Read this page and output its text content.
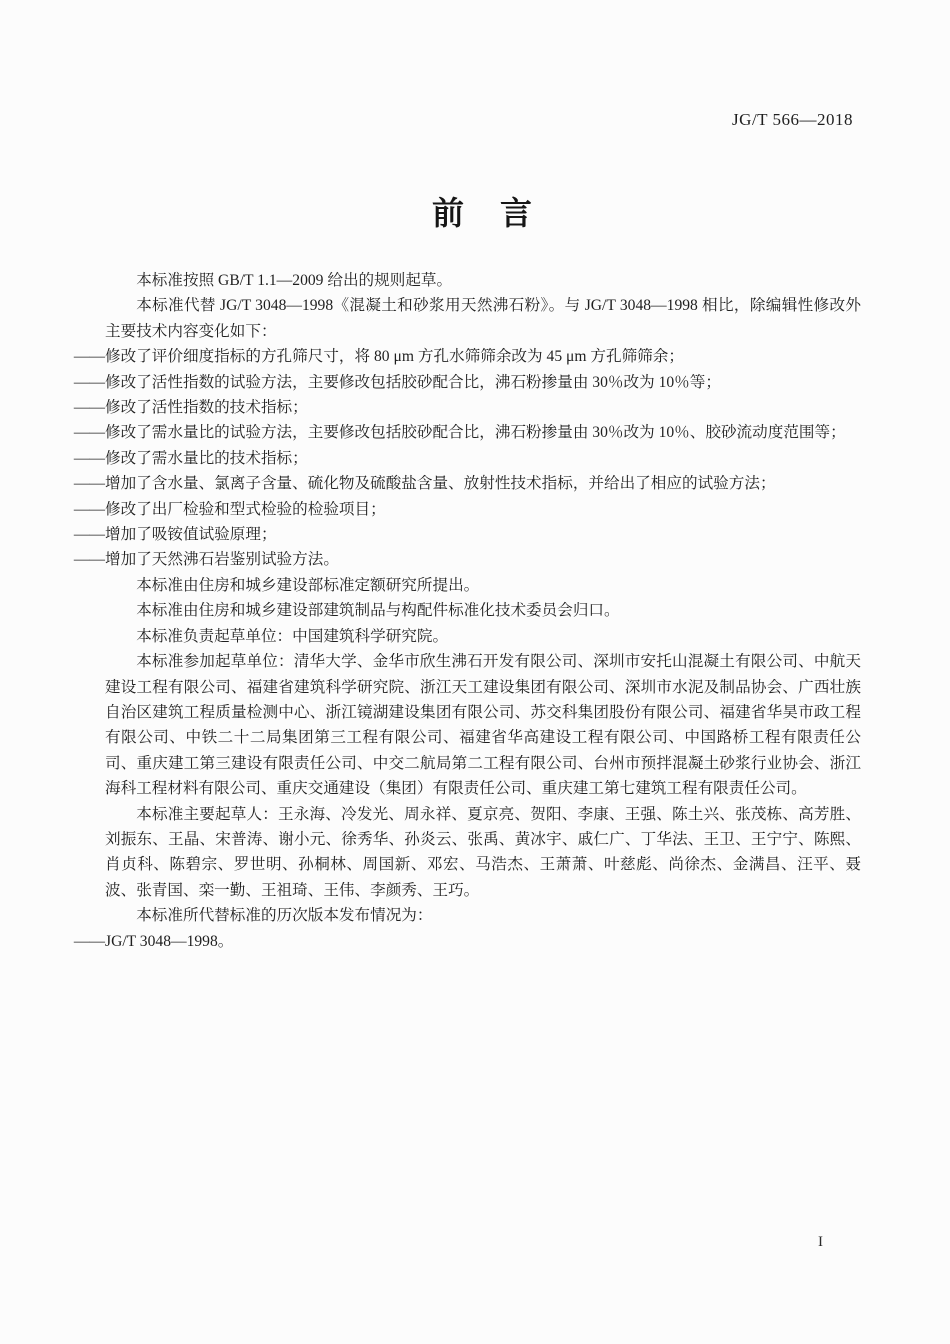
JG/T 566—2018
前　言

本标准按照 GB/T 1.1—2009 给出的规则起草。

本标准代替 JG/T 3048—1998《混凝土和砂浆用天然沸石粉》。与 JG/T 3048—1998 相比，除编辑性修改外主要技术内容变化如下：

——修改了评价细度指标的方孔筛尺寸，将 80 μm 方孔水筛筛余改为 45 μm 方孔筛筛余；

——修改了活性指数的试验方法，主要修改包括胶砂配合比，沸石粉掺量由 30％改为 10％等；

——修改了活性指数的技术指标；

——修改了需水量比的试验方法，主要修改包括胶砂配合比，沸石粉掺量由 30％改为 10％、胶砂流动度范围等；

——修改了需水量比的技术指标；

——增加了含水量、氯离子含量、硫化物及硫酸盐含量、放射性技术指标，并给出了相应的试验方法；

——修改了出厂检验和型式检验的检验项目；

——增加了吸铵值试验原理；

——增加了天然沸石岩鉴别试验方法。

本标准由住房和城乡建设部标准定额研究所提出。

本标准由住房和城乡建设部建筑制品与构配件标准化技术委员会归口。

本标准负责起草单位：中国建筑科学研究院。

本标准参加起草单位：清华大学、金华市欣生沸石开发有限公司、深圳市安托山混凝土有限公司、中航天建设工程有限公司、福建省建筑科学研究院、浙江天工建设集团有限公司、深圳市水泥及制品协会、广西壮族自治区建筑工程质量检测中心、浙江镜湖建设集团有限公司、苏交科集团股份有限公司、福建省华昊市政工程有限公司、中铁二十二局集团第三工程有限公司、福建省华高建设工程有限公司、中国路桥工程有限责任公司、重庆建工第三建设有限责任公司、中交二航局第二工程有限公司、台州市预拌混凝土砂浆行业协会、浙江海科工程材料有限公司、重庆交通建设（集团）有限责任公司、重庆建工第七建筑工程有限责任公司。

本标准主要起草人：王永海、冷发光、周永祥、夏京亮、贺阳、李康、王强、陈土兴、张茂栋、高芳胜、刘振东、王晶、宋普涛、谢小元、徐秀华、孙炎云、张禹、黄冰宇、戚仁广、丁华法、王卫、王宁宁、陈熙、肖贞科、陈碧宗、罗世明、孙桐林、周国新、邓宏、马浩杰、王萧萧、叶慈彪、尚徐杰、金满昌、汪平、聂波、张青国、栾一勤、王祖琦、王伟、李颜秀、王巧。

本标准所代替标准的历次版本发布情况为：

——JG/T 3048—1998。

I
